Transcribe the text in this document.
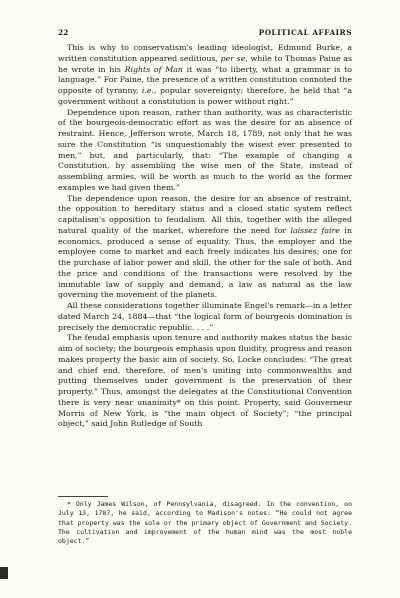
22	POLITICAL AFFAIRS

This is why to conservatism's leading ideologist, Edmund Burke, a written constitution appeared seditious, per se, while to Thomas Paine as he wrote in his Rights of Man it was “to liberty, what a grammar is to language.” For Paine, the presence of a written constitution connoted the opposite of tyranny, i.e., popular sovereignty; therefore, he held that “a government without a constitution is power without right.”

Dependence upon reason, rather than authority, was as characteristic of the bourgeois-democratic effort as was the desire for an absence of restraint. Hence, Jefferson wrote, March 18, 1789, not only that he was sure the Constitution “is unquestionably the wisest ever presented to men,” but, and particularly, that: “The example of changing a Constitution, by assembling the wise men of the State, instead of assembling armies, will be worth as much to the world as the former examples we had given them.”

The dependence upon reason, the desire for an absence of restraint, the opposition to hereditary status and a closed static system reflect capitalism's opposition to feudalism. All this, together with the alleged natural quality of the market, wherefore the need for laissez faire in economics, produced a sense of equality. Thus, the employer and the employee come to market and each freely indicates his desires; one for the purchase of labor power and skill, the other for the sale of both. And the price and conditions of the transactions were resolved by the immutable law of supply and demand, a law as natural as the law governing the movement of the planets.

All these considerations together illuminate Engel's remark—in a letter dated March 24, 1884—that “the logical form of bourgeois domination is precisely the democratic republic. . . .”

The feudal emphasis upon tenure and authority makes status the basic aim of society; the bourgeois emphasis upon fluidity, progress and reason makes property the basic aim of society. So, Locke concludes: “The great and chief end, therefore, of men's uniting into commonwealths and putting themselves under government is the preservation of their property.” Thus, amongst the delegates at the Constitutional Convention there is very near unanimity* on this point. Property, said Gouverneur Morris of New York, is “the main object of Society”; “the principal object,” said John Rutledge of South

* Only James Wilson, of Pennsylvania, disagreed. In the convention, on July 13, 1787, he said, according to Madison's notes: “He could not agree that property was the sole or the primary object of Government and Society. The cultivation and improvement of the human mind was the most noble object.”
